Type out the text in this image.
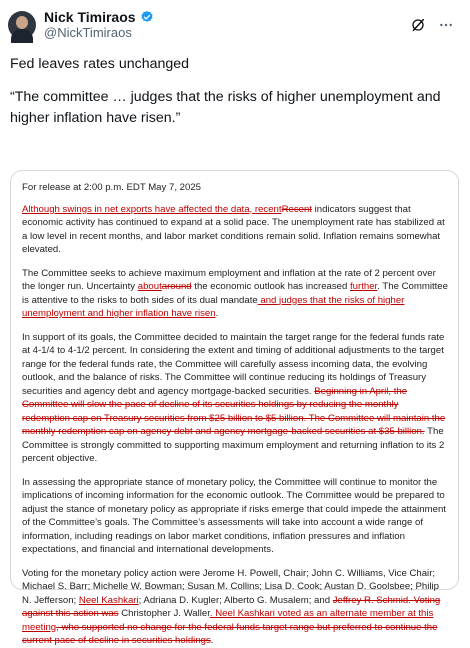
Nick Timiraos
@NickTimiraos

Fed leaves rates unchanged

“The committee … judges that the risks of higher unemployment and higher inflation have risen.”

For release at 2:00 p.m. EDT May 7, 2025

Although swings in net exports have affected the data, recentRecent indicators suggest that economic activity has continued to expand at a solid pace. The unemployment rate has stabilized at a low level in recent months, and labor market conditions remain solid. Inflation remains somewhat elevated.

The Committee seeks to achieve maximum employment and inflation at the rate of 2 percent over the longer run. Uncertainty aboutaround the economic outlook has increased further. The Committee is attentive to the risks to both sides of its dual mandate and judges that the risks of higher unemployment and higher inflation have risen.

In support of its goals, the Committee decided to maintain the target range for the federal funds rate at 4-1/4 to 4-1/2 percent. In considering the extent and timing of additional adjustments to the target range for the federal funds rate, the Committee will carefully assess incoming data, the evolving outlook, and the balance of risks. The Committee will continue reducing its holdings of Treasury securities and agency debt and agency mortgage-backed securities. Beginning in April, the Committee will slow the pace of decline of its securities holdings by reducing the monthly redemption cap on Treasury securities from $25 billion to $5 billion. The Committee will maintain the monthly redemption cap on agency debt and agency mortgage-backed securities at $35 billion. The Committee is strongly committed to supporting maximum employment and returning inflation to its 2 percent objective.

In assessing the appropriate stance of monetary policy, the Committee will continue to monitor the implications of incoming information for the economic outlook. The Committee would be prepared to adjust the stance of monetary policy as appropriate if risks emerge that could impede the attainment of the Committee’s goals. The Committee’s assessments will take into account a wide range of information, including readings on labor market conditions, inflation pressures and inflation expectations, and financial and international developments.

Voting for the monetary policy action were Jerome H. Powell, Chair; John C. Williams, Vice Chair; Michael S. Barr; Michelle W. Bowman; Susan M. Collins; Lisa D. Cook; Austan D. Goolsbee; Philip N. Jefferson; Neel Kashkari; Adriana D. Kugler; Alberto G. Musalem; and Jeffrey R. Schmid. Voting against this action was Christopher J. Waller. Neel Kashkari voted as an alternate member at this meeting, who supported no change for the federal funds target range but preferred to continue the current pace of decline in securities holdings.
